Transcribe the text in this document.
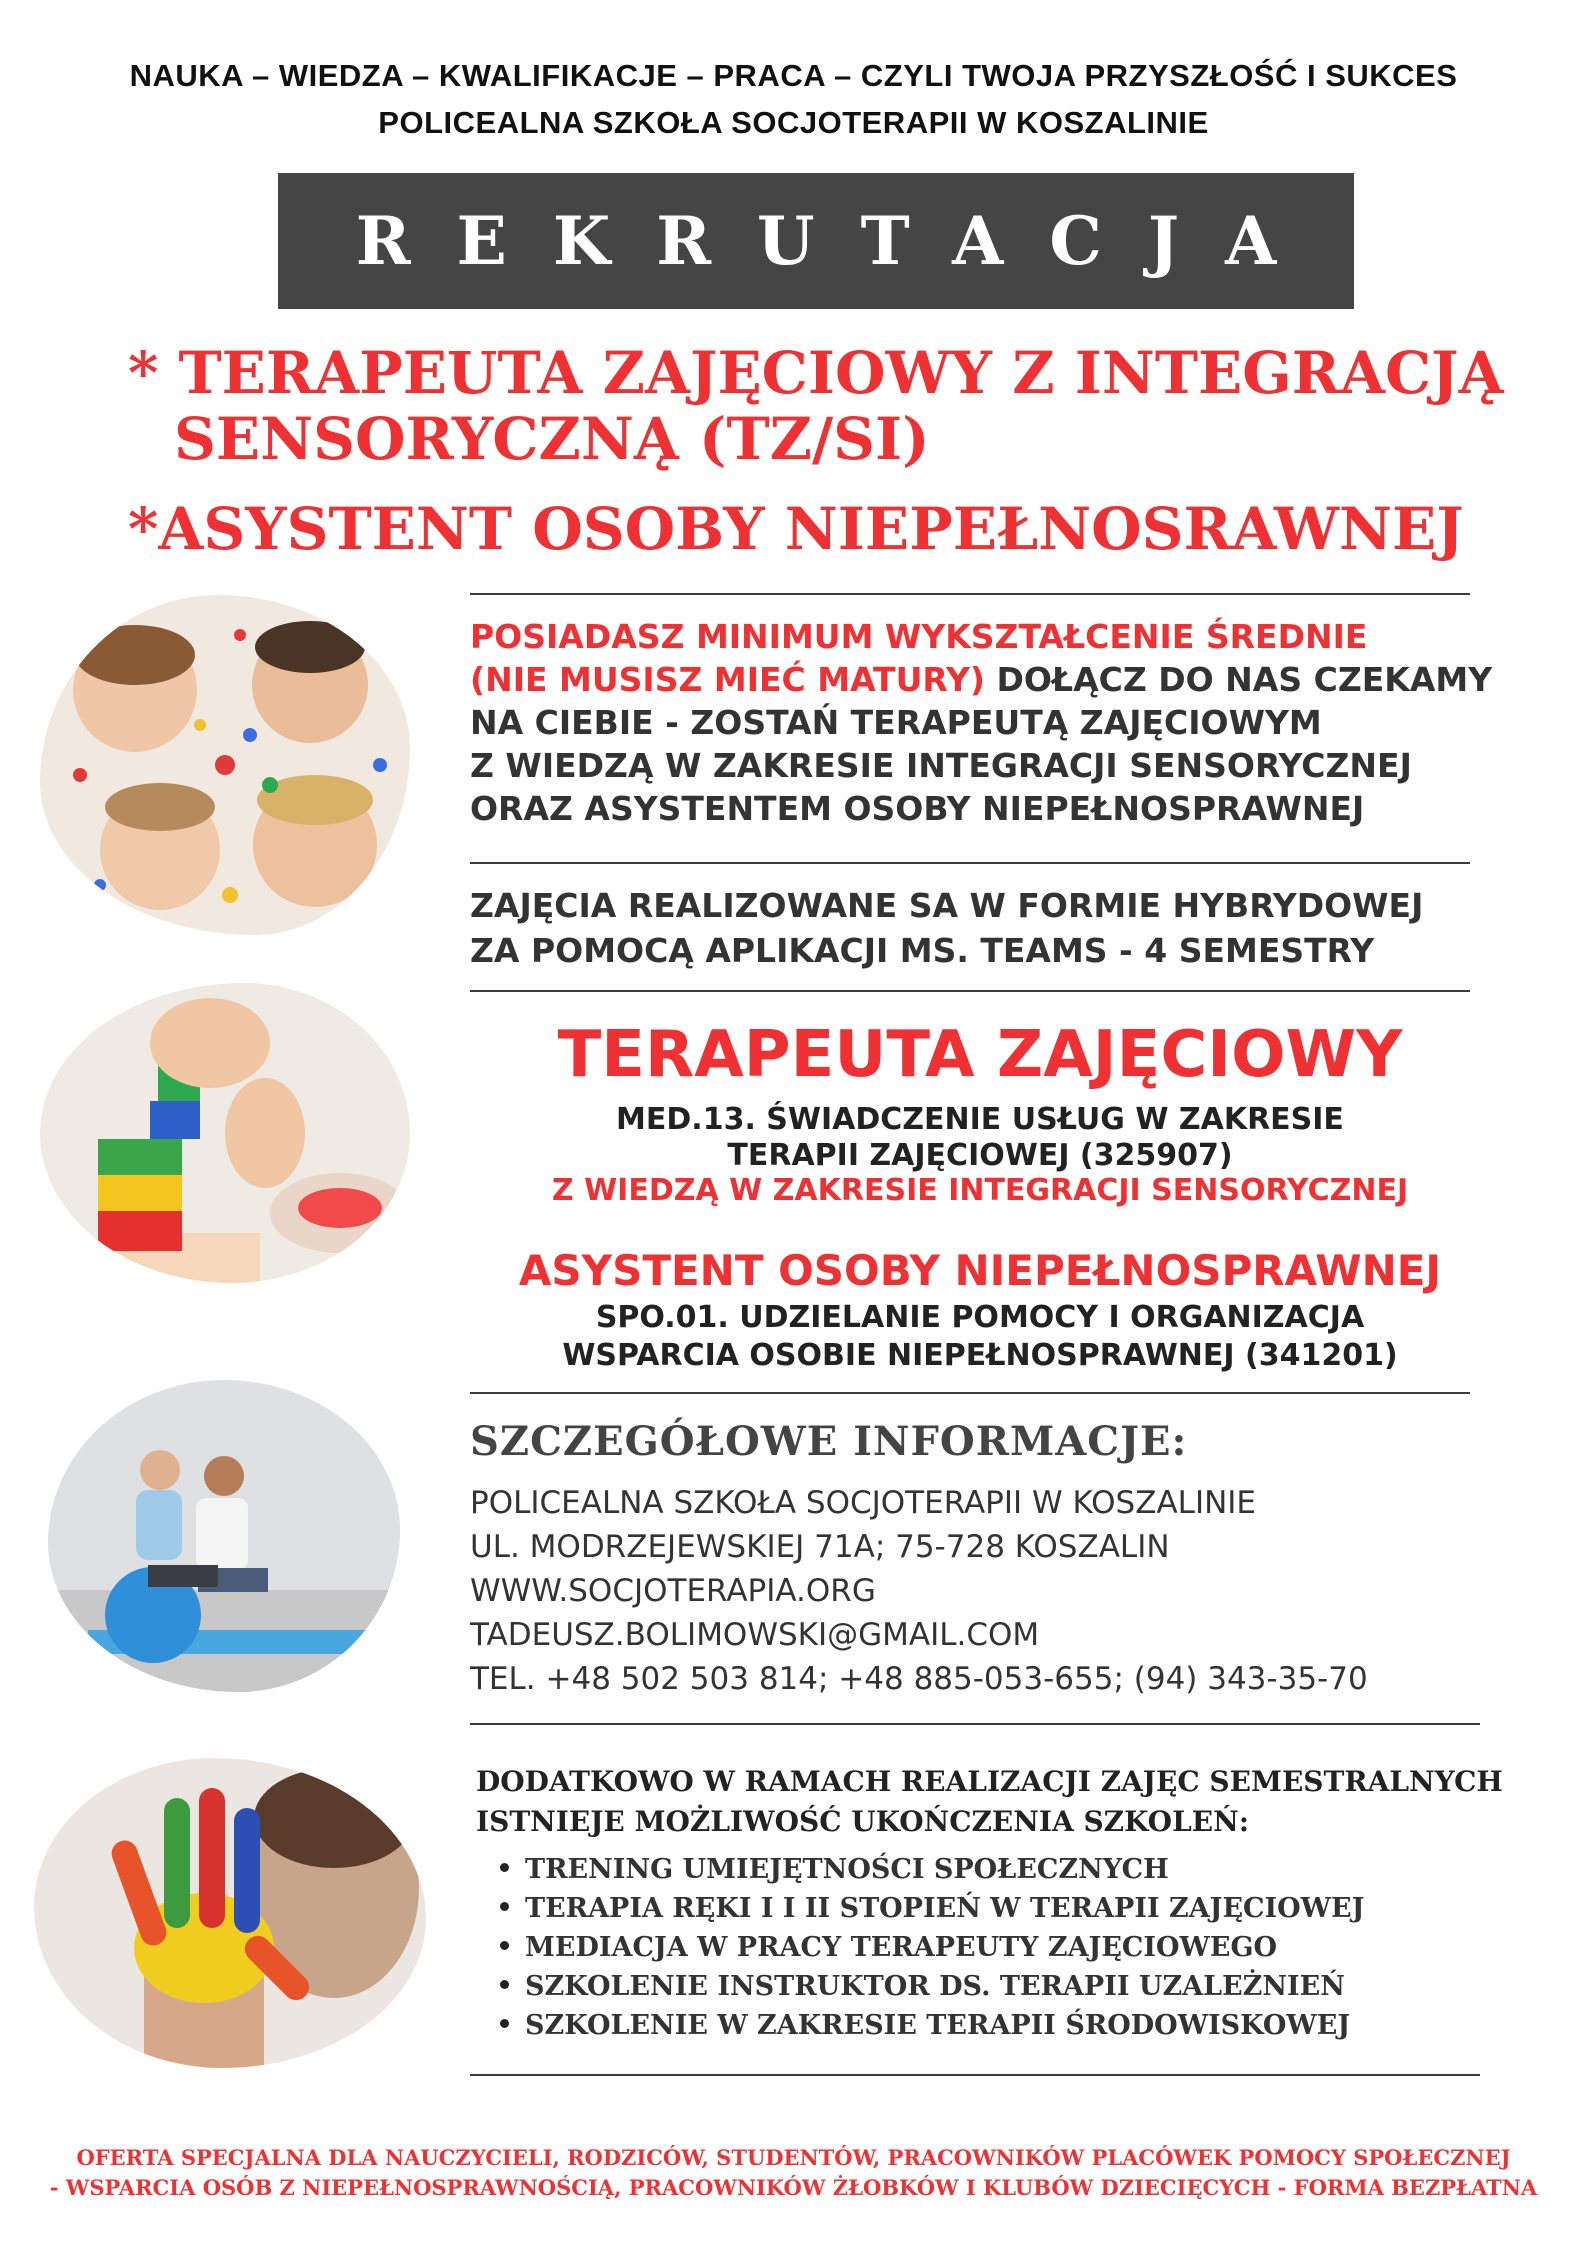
NAUKA – WIEDZA – KWALIFIKACJE – PRACA – CZYLI TWOJA PRZYSZŁOŚĆ I SUKCES
POLICEALNA SZKOŁA SOCJOTERAPII W KOSZALINIE
REKRUTACJA
* TERAPEUTA ZAJĘCIOWY Z INTEGRACJĄ
SENSORYCZNĄ (TZ/SI)
*ASYSTENT OSOBY NIEPEŁNOSRAWNEJ
POSIADASZ MINIMUM WYKSZTAŁCENIE ŚREDNIE
(NIE MUSISZ MIEĆ MATURY) DOŁĄCZ DO NAS CZEKAMY
NA CIEBIE - ZOSTAŃ TERAPEUTĄ ZAJĘCIOWYM
Z WIEDZĄ W ZAKRESIE INTEGRACJI SENSORYCZNEJ
ORAZ ASYSTENTEM OSOBY NIEPEŁNOSPRAWNEJ
ZAJĘCIA REALIZOWANE SA W FORMIE HYBRYDOWEJ
ZA POMOCĄ APLIKACJI MS. TEAMS - 4 SEMESTRY
TERAPEUTA ZAJĘCIOWY
MED.13. ŚWIADCZENIE USŁUG W ZAKRESIE
TERAPII ZAJĘCIOWEJ (325907)
Z WIEDZĄ W ZAKRESIE INTEGRACJI SENSORYCZNEJ
ASYSTENT OSOBY NIEPEŁNOSPRAWNEJ
SPO.01. UDZIELANIE POMOCY I ORGANIZACJA
WSPARCIA OSOBIE NIEPEŁNOSPRAWNEJ (341201)
SZCZEGÓŁOWE INFORMACJE:
POLICEALNA SZKOŁA SOCJOTERAPII W KOSZALINIE
UL. MODRZEJEWSKIEJ 71A; 75-728 KOSZALIN
WWW.SOCJOTERAPIA.ORG
TADEUSZ.BOLIMOWSKI@GMAIL.COM
TEL. +48 502 503 814; +48 885-053-655; (94) 343-35-70
DODATKOWO W RAMACH REALIZACJI ZAJĘC SEMESTRALNYCH
ISTNIEJE MOŻLIWOŚĆ UKOŃCZENIA SZKOLEŃ:
TRENING UMIEJĘTNOŚCI SPOŁECZNYCH
TERAPIA RĘKI I I II STOPIEŃ W TERAPII ZAJĘCIOWEJ
MEDIACJA W PRACY TERAPEUTY ZAJĘCIOWEGO
SZKOLENIE INSTRUKTOR DS. TERAPII UZALEŻNIEŃ
SZKOLENIE W ZAKRESIE TERAPII ŚRODOWISKOWEJ
OFERTA SPECJALNA DLA NAUCZYCIELI, RODZICÓW, STUDENTÓW, PRACOWNIKÓW PLACÓWEK POMOCY SPOŁECZNEJ
- WSPARCIA OSÓB Z NIEPEŁNOSPRAWNOŚCIĄ, PRACOWNIKÓW ŻŁOBKÓW I KLUBÓW DZIECIĘCYCH - FORMA BEZPŁATNA
